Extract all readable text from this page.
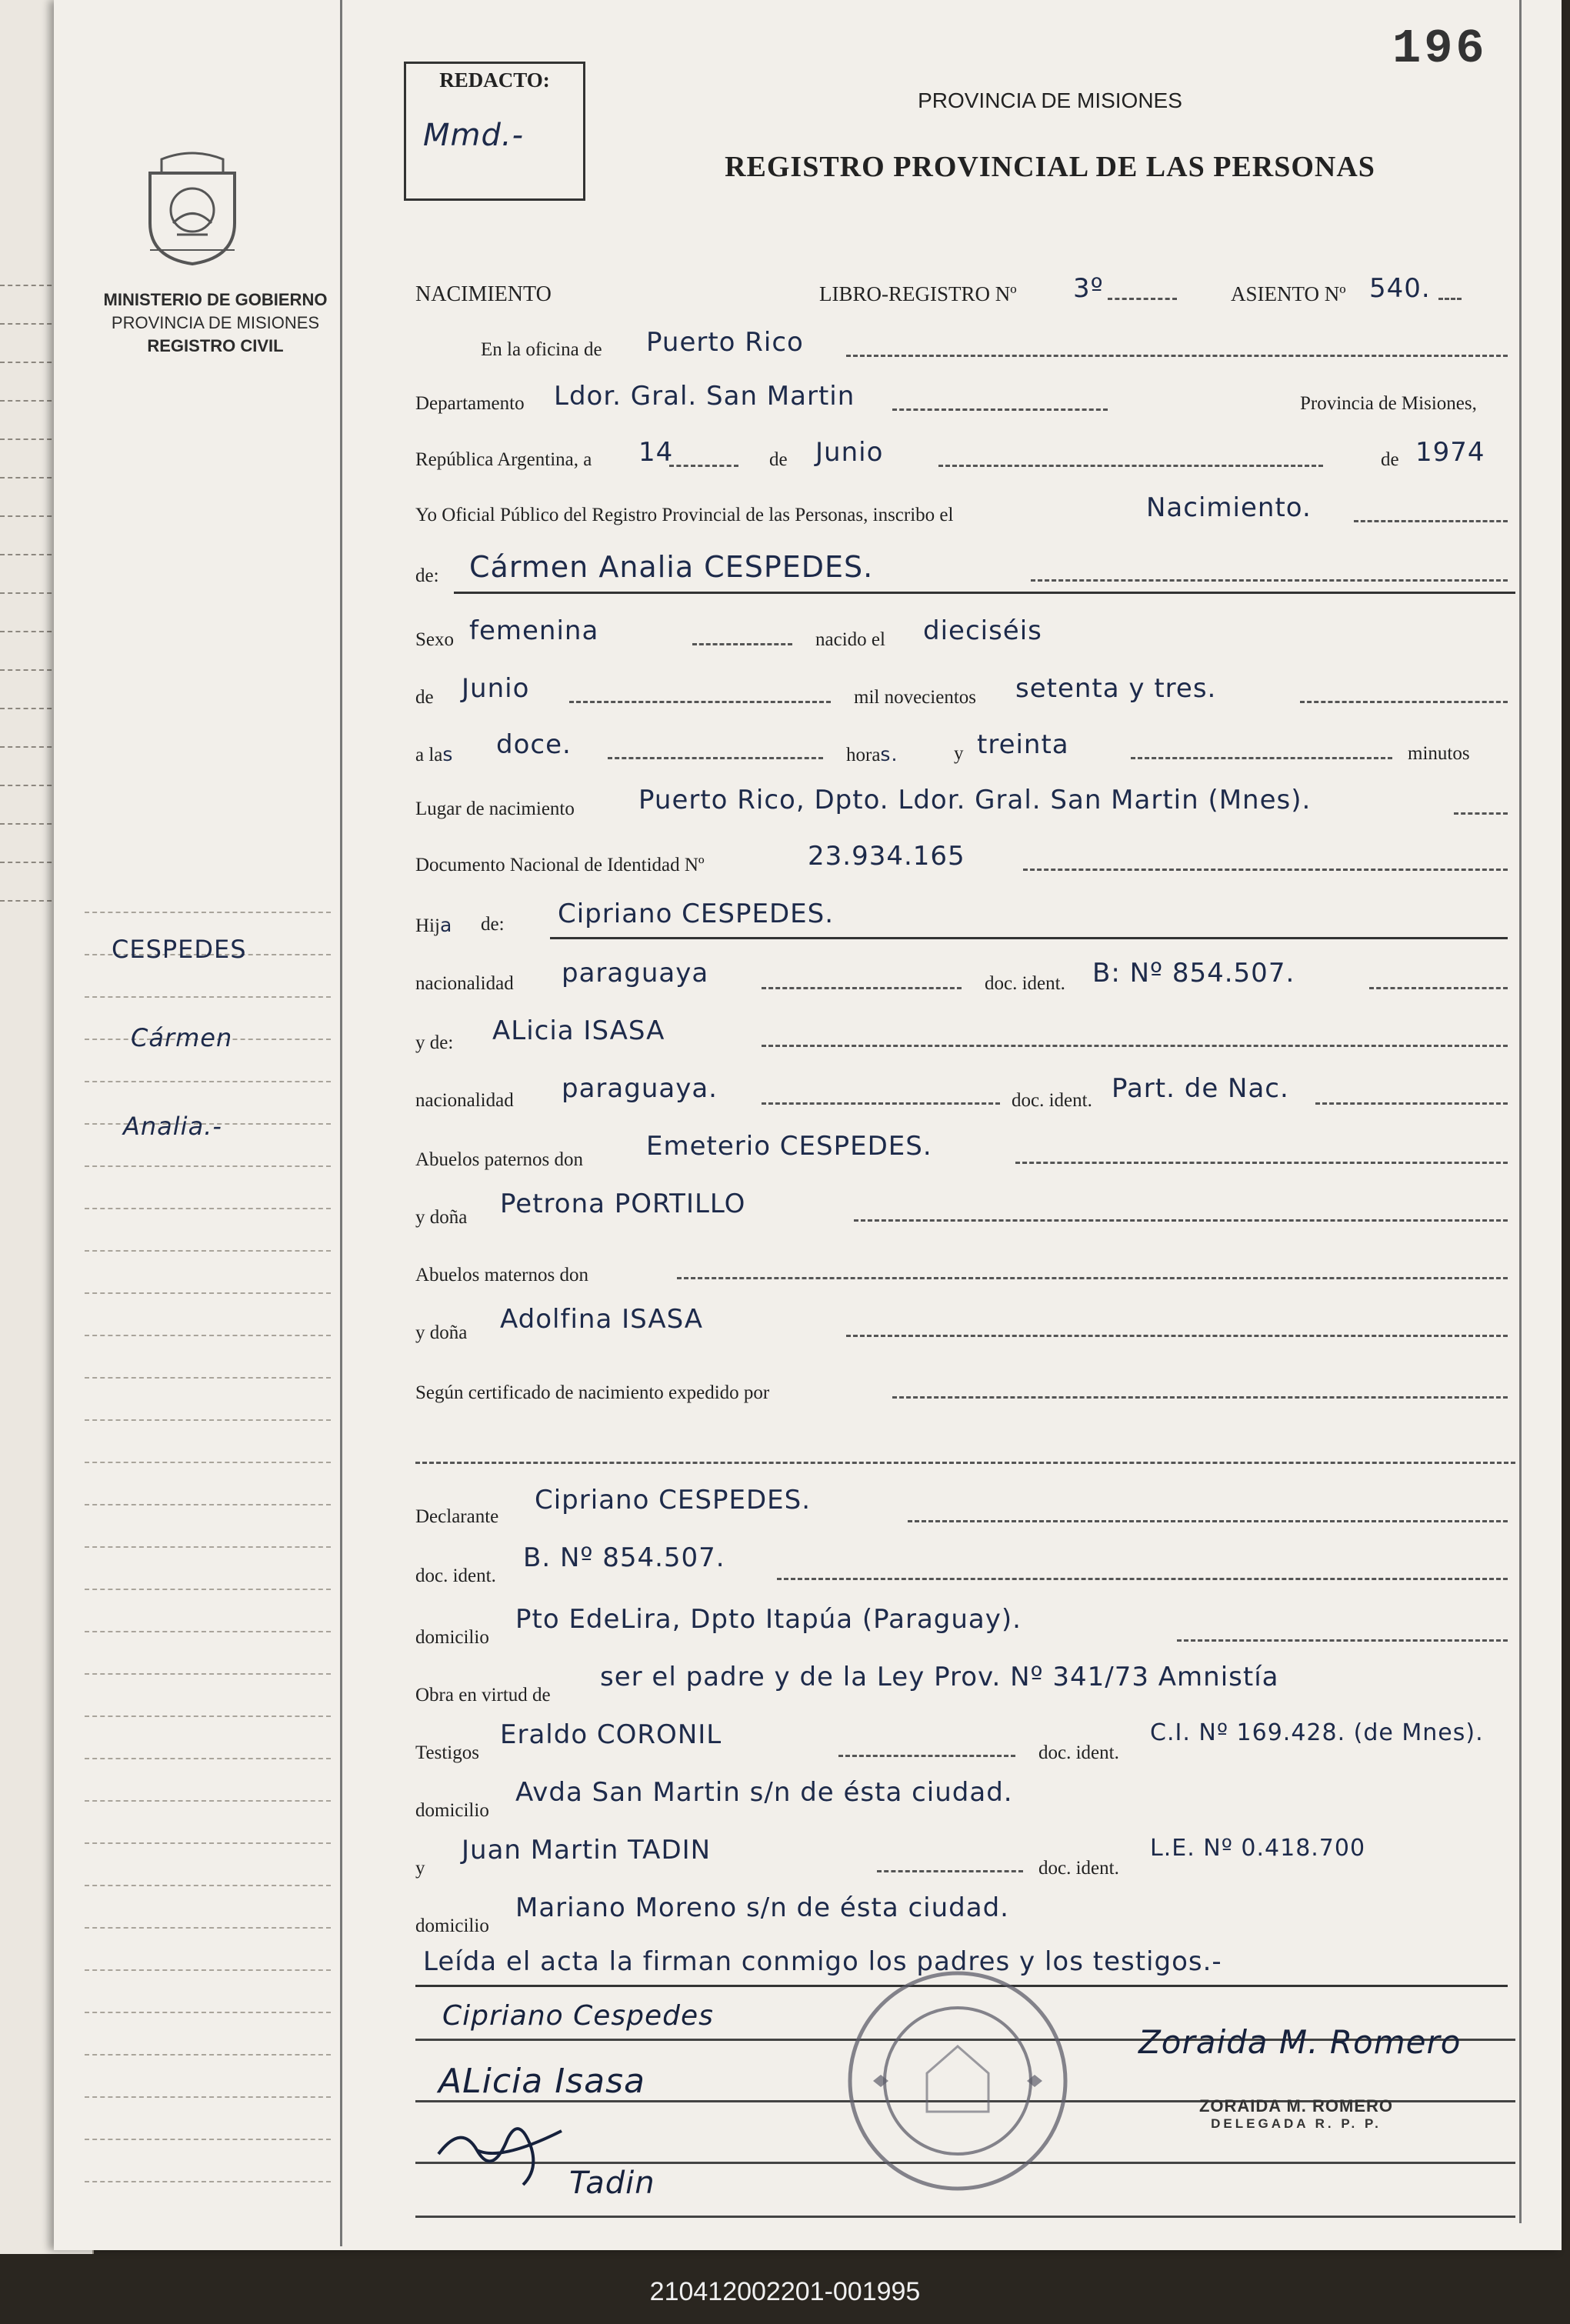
MINISTERIO DE GOBIERNO
PROVINCIA DE MISIONES
REGISTRO CIVIL
CESPEDES
Cármen
Analia.-
REDACTO:
Mmd.-
196
PROVINCIA DE MISIONES
REGISTRO PROVINCIAL DE LAS PERSONAS
NACIMIENTO	LIBRO-REGISTRO Nº 3º	ASIENTO Nº 540.
En la oficina de Puerto Rico
Departamento Ldor. Gral. San Martin	Provincia de Misiones,
República Argentina, a 14	de Junio	de 1974
Yo Oficial Público del Registro Provincial de las Personas, inscribo el	Nacimiento.
de: Cármen Analia CESPEDES.
Sexo femenina	nacido el dieciséis
de Junio	mil novecientos setenta y tres.
a las doce.	horas.	y treinta	minutos
Lugar de nacimiento Puerto Rico, Dpto. Ldor. Gral. San Martin (Mnes).
Documento Nacional de Identidad Nº	23.934.165
Hija de: Cipriano CESPEDES.
nacionalidad paraguaya	doc. ident. B: Nº 854.507.
y de: ALicia ISASA
nacionalidad paraguaya.	doc. ident. Part. de Nac.
Abuelos paternos don Emeterio CESPEDES.
y doña Petrona PORTILLO
Abuelos maternos don
y doña Adolfina ISASA
Según certificado de nacimiento expedido por
Declarante
Cipriano CESPEDES.
doc. ident.
B. Nº 854.507.
domicilio
Pto EdeLira, Dpto Itapúa (Paraguay).
Obra en virtud de
ser el padre y de la Ley Prov. Nº 341/73 Amnistía
Testigos
Eraldo CORONIL
doc. ident.
C.I. Nº 169.428. (de Mnes).
domicilio
Avda San Martin s/n de ésta ciudad.
y
Juan Martin TADIN
doc. ident.
L.E. Nº 0.418.700
domicilio
Mariano Moreno s/n de ésta ciudad.
Leída el acta la firman conmigo los padres y los testigos.-
Cipriano Cespedes
ALicia Isasa
Tadin
Zoraida M. Romero
ZORAIDA M. ROMERO
DELEGADA R. P. P.
210412002201-001995
